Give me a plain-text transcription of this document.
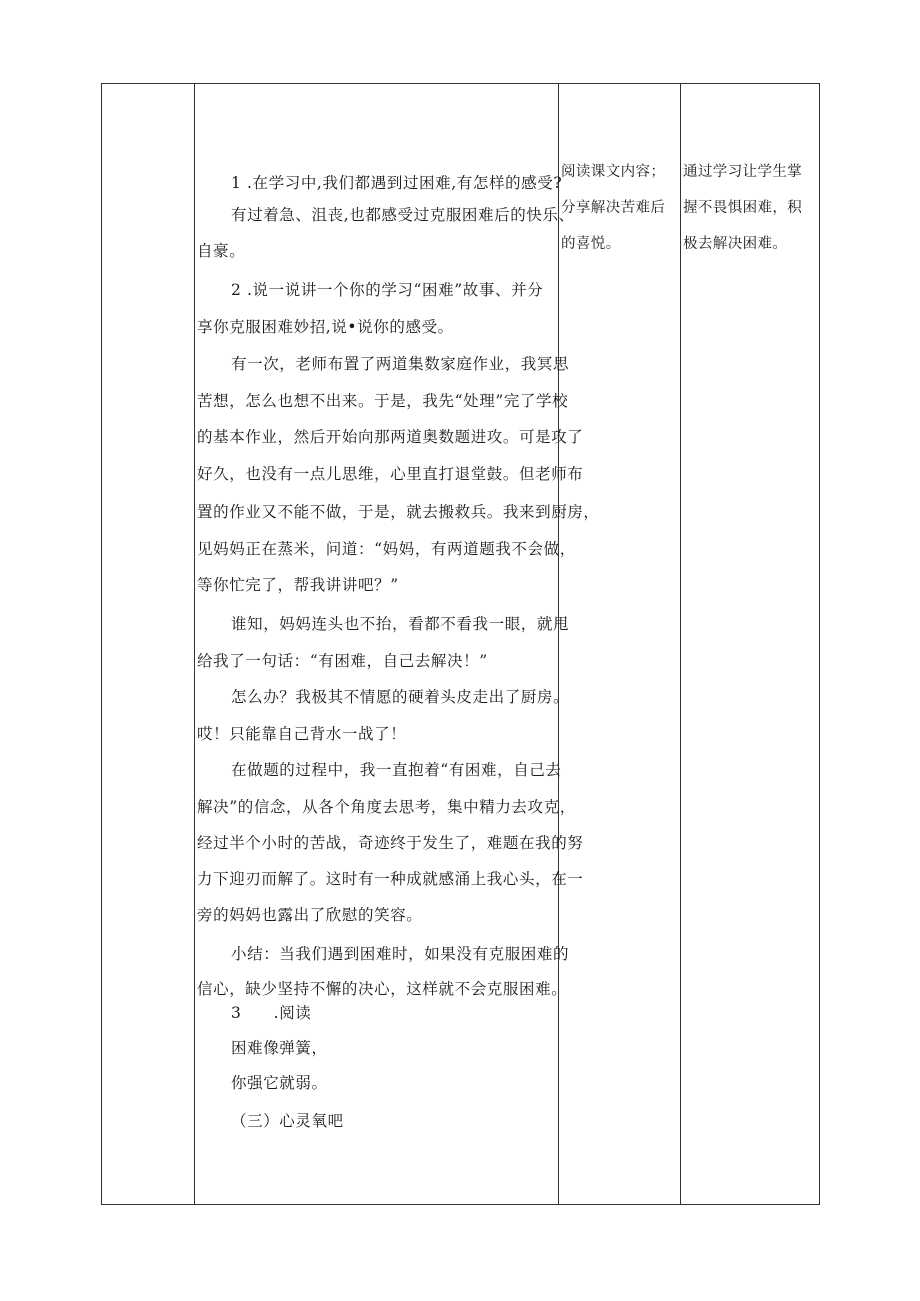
1 .在学习中,我们都遇到过困难,有怎样的感受?
有过着急、沮丧,也都感受过克服困难后的快乐、
自豪。
2 .说一说讲一个你的学习“困难”故事、并分
享你克服困难妙招,说•说你的感受。
有一次，老师布置了两道集数家庭作业，我冥思
苦想，怎么也想不出来。于是，我先“处理”完了学校
的基本作业，然后开始向那两道奥数题进攻。可是攻了
好久，也没有一点儿思维，心里直打退堂鼓。但老师布
置的作业又不能不做，于是，就去搬救兵。我来到厨房，
见妈妈正在蒸米，问道：“妈妈，有两道题我不会做，
等你忙完了，帮我讲讲吧？”
谁知，妈妈连头也不抬，看都不看我一眼，就甩
给我了一句话：“有困难，自己去解决！”
怎么办？我极其不情愿的硬着头皮走出了厨房。
哎！只能靠自己背水一战了！
在做题的过程中，我一直抱着“有困难，自己去
解决”的信念，从各个角度去思考，集中精力去攻克，
经过半个小时的苦战，奇迹终于发生了，难题在我的努
力下迎刃而解了。这时有一种成就感涌上我心头，在一
旁的妈妈也露出了欣慰的笑容。
小结：当我们遇到困难时，如果没有克服困难的
信心，缺少坚持不懈的决心，这样就不会克服困难。
3　　.阅读
困难像弹簧，
你强它就弱。
（三）心灵氧吧
阅读课文内容；
分享解决苦难后
的喜悦。
通过学习让学生掌
握不畏惧困难，积
极去解决困难。
